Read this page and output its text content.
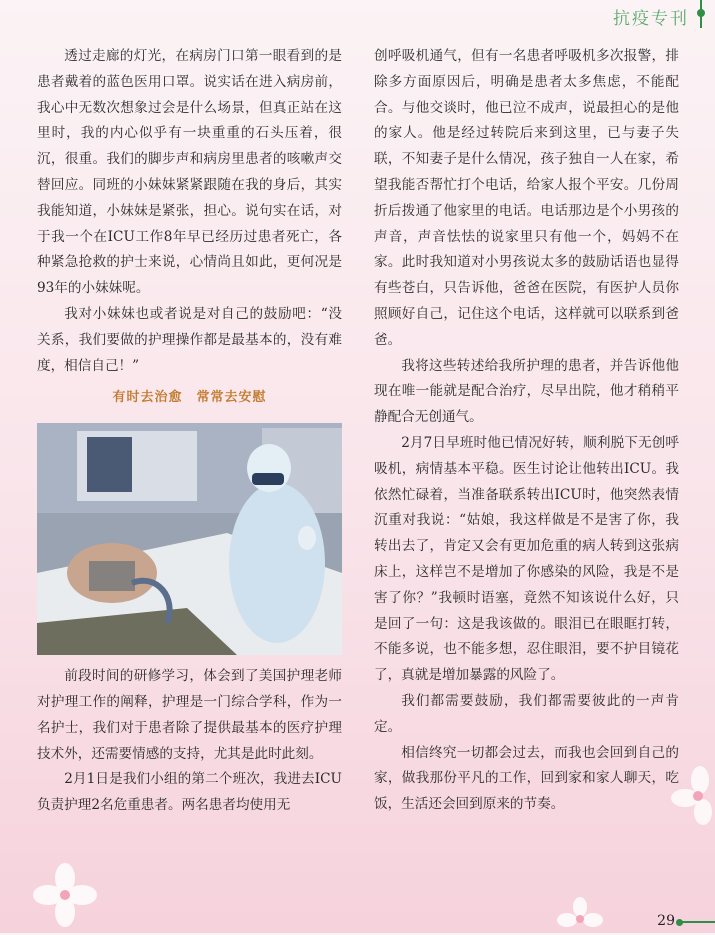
抗疫专刊

透过走廊的灯光，在病房门口第一眼看到的是患者戴着的蓝色医用口罩。说实话在进入病房前，我心中无数次想象过会是什么场景，但真正站在这里时，我的内心似乎有一块重重的石头压着，很沉，很重。我们的脚步声和病房里患者的咳嗽声交替回应。同班的小妹妹紧紧跟随在我的身后，其实我能知道，小妹妹是紧张，担心。说句实在话，对于我一个在ICU工作8年早已经历过患者死亡，各种紧急抢救的护士来说，心情尚且如此，更何况是93年的小妹妹呢。

我对小妹妹也或者说是对自己的鼓励吧：“没关系，我们要做的护理操作都是最基本的，没有难度，相信自己！”

有时去治愈　常常去安慰

前段时间的研修学习，体会到了美国护理老师对护理工作的阐释，护理是一门综合学科，作为一名护士，我们对于患者除了提供最基本的医疗护理技术外，还需要情感的支持，尤其是此时此刻。

2月1日是我们小组的第二个班次，我进去ICU负责护理2名危重患者。两名患者均使用无

创呼吸机通气，但有一名患者呼吸机多次报警，排除多方面原因后，明确是患者太多焦虑，不能配合。与他交谈时，他已泣不成声，说最担心的是他的家人。他是经过转院后来到这里，已与妻子失联，不知妻子是什么情况，孩子独自一人在家，希望我能否帮忙打个电话，给家人报个平安。几份周折后拨通了他家里的电话。电话那边是个小男孩的声音，声音怯怯的说家里只有他一个，妈妈不在家。此时我知道对小男孩说太多的鼓励话语也显得有些苍白，只告诉他，爸爸在医院，有医护人员你照顾好自己，记住这个电话，这样就可以联系到爸爸。

我将这些转述给我所护理的患者，并告诉他他现在唯一能就是配合治疗，尽早出院，他才稍稍平静配合无创通气。

2月7日早班时他已情况好转，顺利脱下无创呼吸机，病情基本平稳。医生讨论让他转出ICU。我依然忙碌着，当准备联系转出ICU时，他突然表情沉重对我说：“姑娘，我这样做是不是害了你，我转出去了，肯定又会有更加危重的病人转到这张病床上，这样岂不是增加了你感染的风险，我是不是害了你？”我顿时语塞，竟然不知该说什么好，只是回了一句：这是我该做的。眼泪已在眼眶打转，不能多说，也不能多想，忍住眼泪，要不护目镜花了，真就是增加暴露的风险了。

我们都需要鼓励，我们都需要彼此的一声肯定。

相信终究一切都会过去，而我也会回到自己的家，做我那份平凡的工作，回到家和家人聊天，吃饭，生活还会回到原来的节奏。

29
